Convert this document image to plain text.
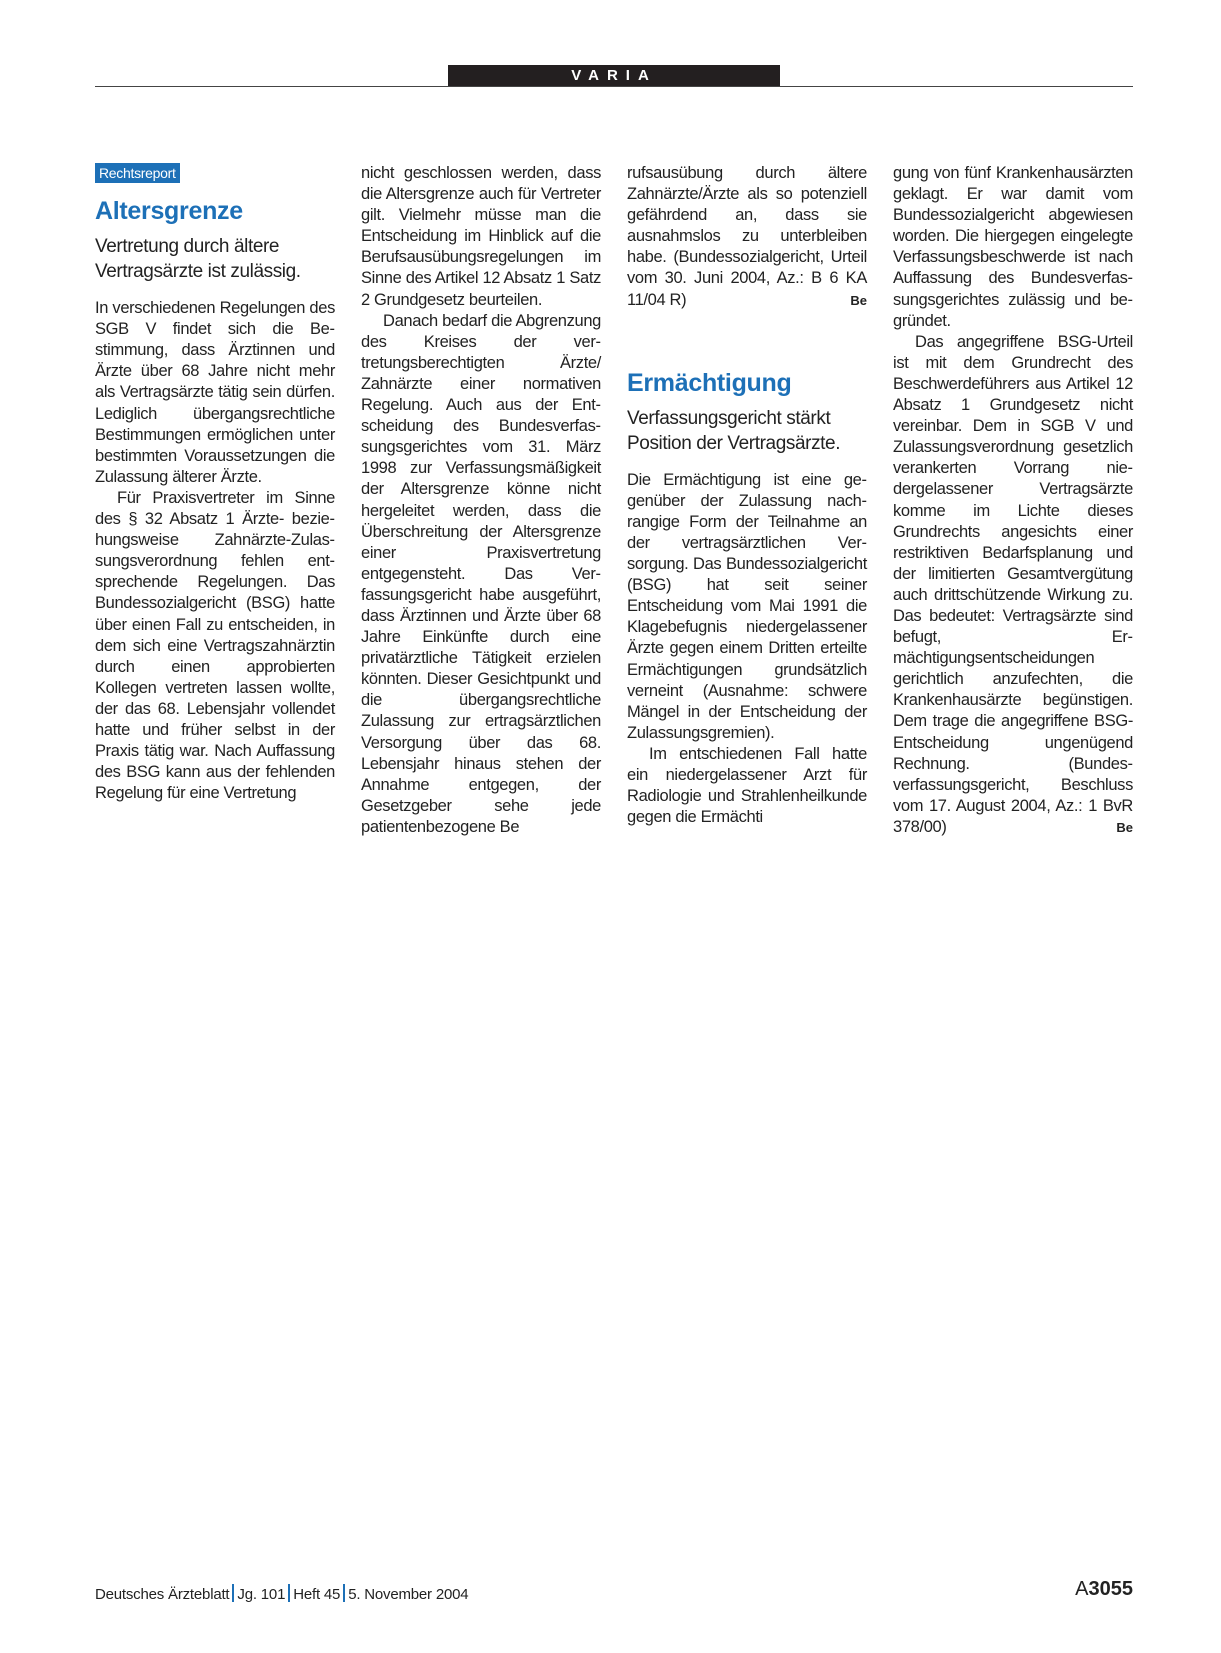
VARIA
Rechtsreport
Altersgrenze
Vertretung durch ältere Vertragsärzte ist zulässig.

In verschiedenen Regelungen des SGB V findet sich die Bestimmung, dass Ärztinnen und Ärzte über 68 Jahre nicht mehr als Vertragsärzte tätig sein dürfen. Lediglich übergangsrechtliche Bestimmungen ermöglichen unter bestimmten Voraussetzungen die Zulassung älterer Ärzte.

Für Praxisvertreter im Sinne des § 32 Absatz 1 Ärzte- beziehungsweise Zahnärzte-Zulassungsverordnung fehlen entsprechende Regelungen. Das Bundessozialgericht (BSG) hatte über einen Fall zu entscheiden, in dem sich eine Vertragszahnärztin durch einen approbierten Kollegen vertreten lassen wollte, der das 68. Lebensjahr vollendet hatte und früher selbst in der Praxis tätig war. Nach Auffassung des BSG kann aus der fehlenden Regelung für eine Vertretung

nicht geschlossen werden, dass die Altersgrenze auch für Vertreter gilt. Vielmehr müsse man die Entscheidung im Hinblick auf die Berufsausübungsregelungen im Sinne des Artikel 12 Absatz 1 Satz 2 Grundgesetz beurteilen.

Danach bedarf die Abgrenzung des Kreises der vertretungsberechtigten Ärzte/ Zahnärzte einer normativen Regelung. Auch aus der Entscheidung des Bundesverfassungsgerichtes vom 31. März 1998 zur Verfassungsmäßigkeit der Altersgrenze könne nicht hergeleitet werden, dass die Überschreitung der Altersgrenze einer Praxisvertretung entgegensteht. Das Verfassungsgericht habe ausgeführt, dass Ärztinnen und Ärzte über 68 Jahre Einkünfte durch eine privatärztliche Tätigkeit erzielen könnten. Dieser Gesichtpunkt und die übergangsrechtliche Zulassung zur ertragsärztlichen Versorgung über das 68. Lebensjahr hinaus stehen der Annahme entgegen, der Gesetzgeber sehe jede patientenbezogene Be

rufsausübung durch ältere Zahnärzte/Ärzte als so potenziell gefährdend an, dass sie ausnahmslos zu unterbleiben habe. (Bundessozialgericht, Urteil vom 30. Juni 2004, Az.: B 6 KA 11/04 R)	Be

Ermächtigung
Verfassungsgericht stärkt Position der Vertragsärzte.

Die Ermächtigung ist eine gegenüber der Zulassung nachrangige Form der Teilnahme an der vertragsärztlichen Versorgung. Das Bundessozialgericht (BSG) hat seit seiner Entscheidung vom Mai 1991 die Klagebefugnis niedergelassener Ärzte gegen einem Dritten erteilte Ermächtigungen grundsätzlich verneint (Ausnahme: schwere Mängel in der Entscheidung der Zulassungsgremien).

Im entschiedenen Fall hatte ein niedergelassener Arzt für Radiologie und Strahlenheilkunde gegen die Ermächti

gung von fünf Krankenhausärzten geklagt. Er war damit vom Bundessozialgericht abgewiesen worden. Die hiergegen eingelegte Verfassungsbeschwerde ist nach Auffassung des Bundesverfassungsgerichtes zulässig und begründet.

Das angegriffene BSG-Urteil ist mit dem Grundrecht des Beschwerdeführers aus Artikel 12 Absatz 1 Grundgesetz nicht vereinbar. Dem in SGB V und Zulassungsverordnung gesetzlich verankerten Vorrang niedergelassener Vertragsärzte komme im Lichte dieses Grundrechts angesichts einer restriktiven Bedarfsplanung und der limitierten Gesamtvergütung auch drittschützende Wirkung zu. Das bedeutet: Vertragsärzte sind befugt, Ermächtigungsentscheidungen gerichtlich anzufechten, die Krankenhausärzte begünstigen. Dem trage die angegriffene BSG-Entscheidung ungenügend Rechnung. (Bundesverfassungsgericht, Beschluss vom 17. August 2004, Az.: 1 BvR 378/00)	Be

Deutsches Ärzteblatt Jg. 101 Heft 45 5. November 2004	A3055
